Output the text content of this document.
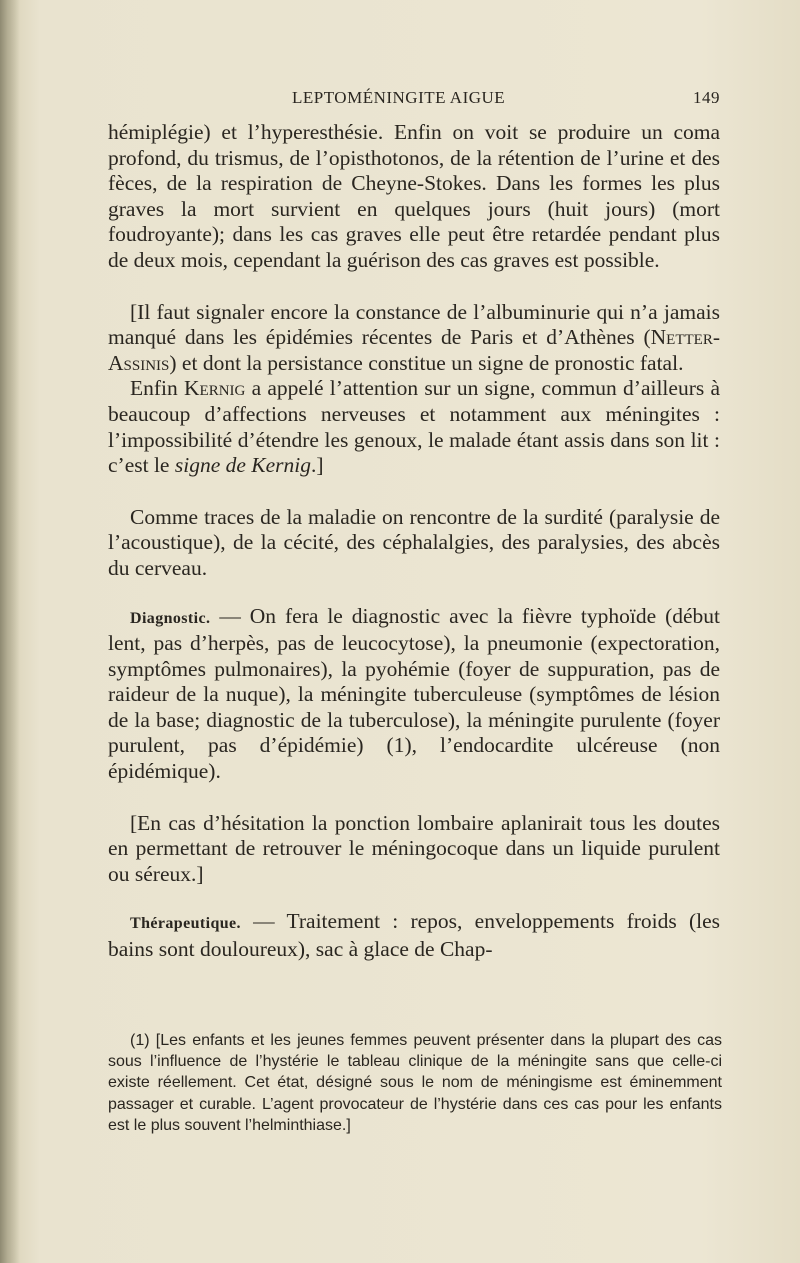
LEPTOMÉNINGITE AIGUE	149

hémiplégie) et l’hyperesthésie. Enfin on voit se produire un coma profond, du trismus, de l’opisthotonos, de la rétention de l’urine et des fèces, de la respiration de Cheyne-Stokes. Dans les formes les plus graves la mort survient en quelques jours (huit jours) (mort foudroyante); dans les cas graves elle peut être retardée pendant plus de deux mois, cependant la guérison des cas graves est possible.

[Il faut signaler encore la constance de l’albuminurie qui n’a jamais manqué dans les épidémies récentes de Paris et d’Athènes (Netter-Assinis) et dont la persistance constitue un signe de pronostic fatal.

Enfin Kernig a appelé l’attention sur un signe, commun d’ailleurs à beaucoup d’affections nerveuses et notamment aux méningites : l’impossibilité d’étendre les genoux, le malade étant assis dans son lit : c’est le signe de Kernig.]

Comme traces de la maladie on rencontre de la surdité (paralysie de l’acoustique), de la cécité, des céphalalgies, des paralysies, des abcès du cerveau.

Diagnostic. — On fera le diagnostic avec la fièvre typhoïde (début lent, pas d’herpès, pas de leucocytose), la pneumonie (expectoration, symptômes pulmonaires), la pyohémie (foyer de suppuration, pas de raideur de la nuque), la méningite tuberculeuse (symptômes de lésion de la base; diagnostic de la tuberculose), la méningite purulente (foyer purulent, pas d’épidémie) (1), l’endocardite ulcéreuse (non épidémique).

[En cas d’hésitation la ponction lombaire aplanirait tous les doutes en permettant de retrouver le méningocoque dans un liquide purulent ou séreux.]

Thérapeutique. — Traitement : repos, enveloppements froids (les bains sont douloureux), sac à glace de Chap-

(1) [Les enfants et les jeunes femmes peuvent présenter dans la plupart des cas sous l’influence de l’hystérie le tableau clinique de la méningite sans que celle-ci existe réellement. Cet état, désigné sous le nom de méningisme est éminemment passager et curable. L’agent provocateur de l’hystérie dans ces cas pour les enfants est le plus souvent l’helminthiase.]
